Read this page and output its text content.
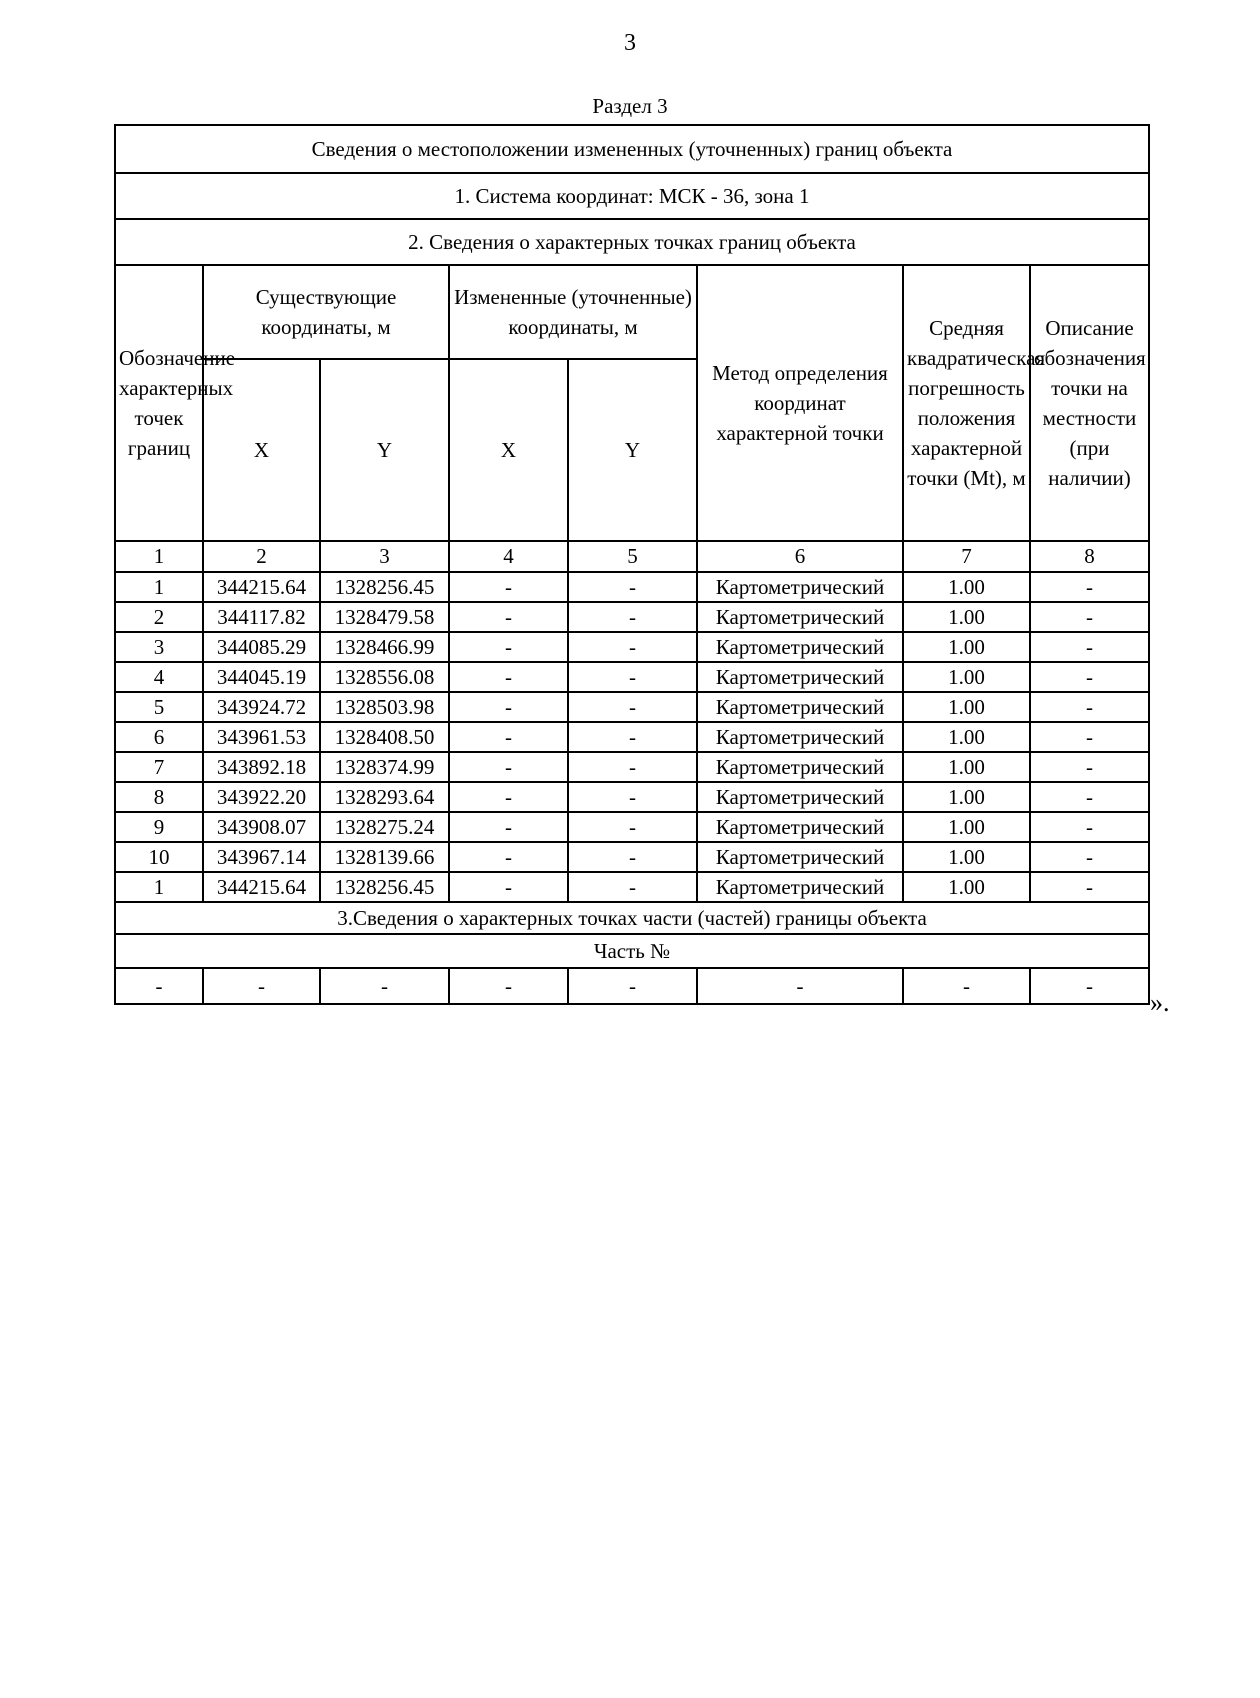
3
Раздел 3
Сведения о местоположении измененных (уточненных) границ объекта							
1. Система координат: МСК - 36, зона 1							
2. Сведения о характерных точках границ объекта							
Обозначение характерных точек границ	Существующие координаты, м		Измененные (уточненные) координаты, м		Метод определения координат характерной точки	Средняя квадратическая погрешность положения характерной точки (Mt), м	Описание обозначения точки на местности (при наличии)
	X	Y	X	Y			
1	2	3	4	5	6	7	8
1	344215.64	1328256.45	-	-	Картометрический	1.00	-
2	344117.82	1328479.58	-	-	Картометрический	1.00	-
3	344085.29	1328466.99	-	-	Картометрический	1.00	-
4	344045.19	1328556.08	-	-	Картометрический	1.00	-
5	343924.72	1328503.98	-	-	Картометрический	1.00	-
6	343961.53	1328408.50	-	-	Картометрический	1.00	-
7	343892.18	1328374.99	-	-	Картометрический	1.00	-
8	343922.20	1328293.64	-	-	Картометрический	1.00	-
9	343908.07	1328275.24	-	-	Картометрический	1.00	-
10	343967.14	1328139.66	-	-	Картометрический	1.00	-
1	344215.64	1328256.45	-	-	Картометрический	1.00	-
3.Сведения о характерных точках части (частей) границы объекта							
Часть №							
-	-	-	-	-	-	-	-
».
